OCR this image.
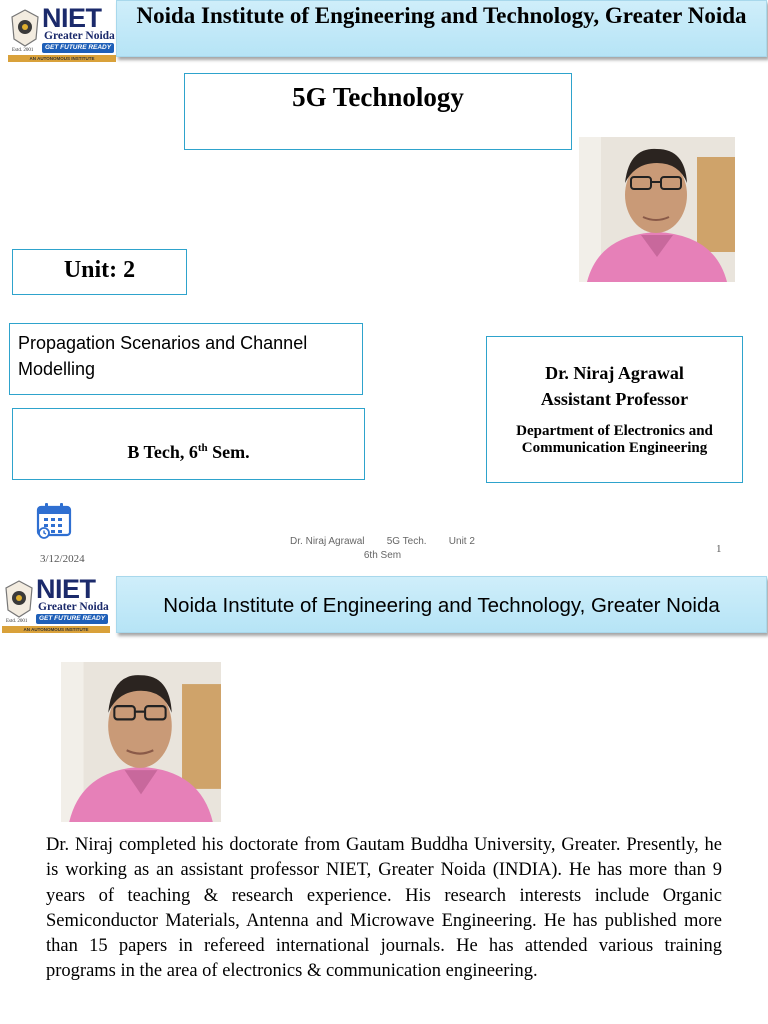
NIET
Greater Noida
GET FUTURE READY
Estd. 2001
AN AUTONOMOUS INSTITUTE
Noida Institute of Engineering and Technology, Greater Noida
5G Technology
Unit: 2
Propagation Scenarios and Channel Modelling
B Tech, 6th Sem.
Dr. Niraj Agrawal
Assistant Professor
Department of Electronics and Communication Engineering
3/12/2024
Dr. Niraj Agrawal        5G Tech.        Unit 2
6th Sem
1
NIET
Greater Noida
GET FUTURE READY
Estd. 2001
AN AUTONOMOUS INSTITUTE
Noida Institute of Engineering and Technology, Greater Noida

Dr. Niraj completed his doctorate from Gautam Buddha University, Greater. Presently, he is working as an assistant professor NIET, Greater Noida (INDIA). He has more than 9 years of teaching & research experience. His research interests include Organic Semiconductor Materials, Antenna and Microwave Engineering. He has published more than 15 papers in refereed international journals. He has attended various training programs in the area of electronics & communication engineering.
